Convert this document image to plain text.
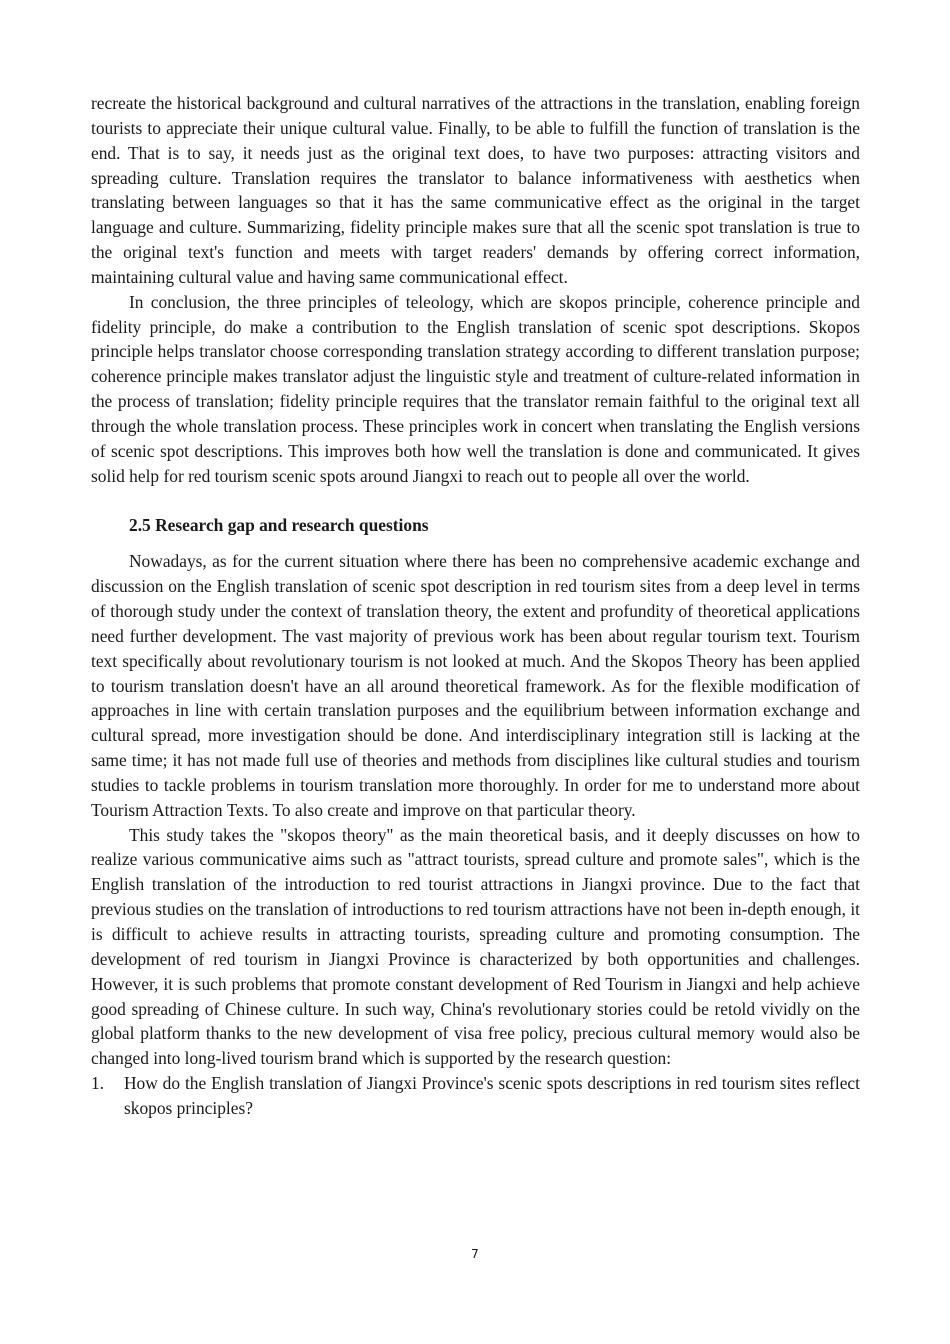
recreate the historical background and cultural narratives of the attractions in the translation, enabling foreign tourists to appreciate their unique cultural value. Finally, to be able to fulfill the function of translation is the end. That is to say, it needs just as the original text does, to have two purposes: attracting visitors and spreading culture. Translation requires the translator to balance informativeness with aesthetics when translating between languages so that it has the same communicative effect as the original in the target language and culture. Summarizing, fidelity principle makes sure that all the scenic spot translation is true to the original text's function and meets with target readers' demands by offering correct information, maintaining cultural value and having same communicational effect.

In conclusion, the three principles of teleology, which are skopos principle, coherence principle and fidelity principle, do make a contribution to the English translation of scenic spot descriptions. Skopos principle helps translator choose corresponding translation strategy according to different translation purpose; coherence principle makes translator adjust the linguistic style and treatment of culture-related information in the process of translation; fidelity principle requires that the translator remain faithful to the original text all through the whole translation process. These principles work in concert when translating the English versions of scenic spot descriptions. This improves both how well the translation is done and communicated. It gives solid help for red tourism scenic spots around Jiangxi to reach out to people all over the world.

2.5 Research gap and research questions

Nowadays, as for the current situation where there has been no comprehensive academic exchange and discussion on the English translation of scenic spot description in red tourism sites from a deep level in terms of thorough study under the context of translation theory, the extent and profundity of theoretical applications need further development. The vast majority of previous work has been about regular tourism text. Tourism text specifically about revolutionary tourism is not looked at much. And the Skopos Theory has been applied to tourism translation doesn't have an all around theoretical framework. As for the flexible modification of approaches in line with certain translation purposes and the equilibrium between information exchange and cultural spread, more investigation should be done. And interdisciplinary integration still is lacking at the same time; it has not made full use of theories and methods from disciplines like cultural studies and tourism studies to tackle problems in tourism translation more thoroughly. In order for me to understand more about Tourism Attraction Texts. To also create and improve on that particular theory.

This study takes the "skopos theory" as the main theoretical basis, and it deeply discusses on how to realize various communicative aims such as "attract tourists, spread culture and promote sales", which is the English translation of the introduction to red tourist attractions in Jiangxi province. Due to the fact that previous studies on the translation of introductions to red tourism attractions have not been in-depth enough, it is difficult to achieve results in attracting tourists, spreading culture and promoting consumption. The development of red tourism in Jiangxi Province is characterized by both opportunities and challenges. However, it is such problems that promote constant development of Red Tourism in Jiangxi and help achieve good spreading of Chinese culture. In such way, China's revolutionary stories could be retold vividly on the global platform thanks to the new development of visa free policy, precious cultural memory would also be changed into long-lived tourism brand which is supported by the research question:

1.	How do the English translation of Jiangxi Province's scenic spots descriptions in red tourism sites reflect skopos principles?
7
